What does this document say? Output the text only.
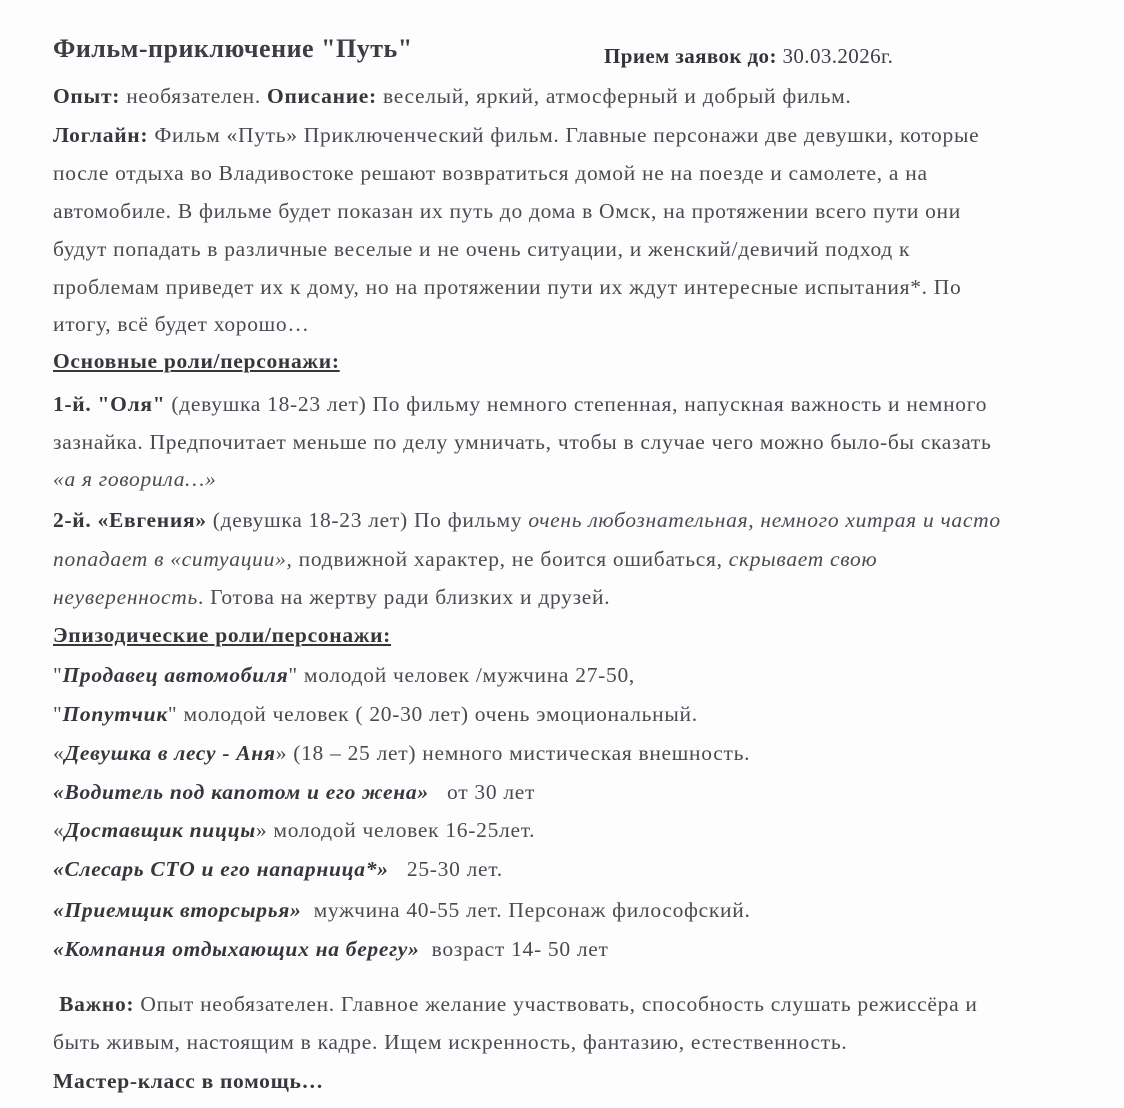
Фильм-приключение "Путь"	Прием заявок до: 30.03.2026г.
Опыт: необязателен. Описание: веселый, яркий, атмосферный и добрый фильм.
Логлайн: Фильм «Путь» Приключенческий фильм. Главные персонажи две девушки, которые
после отдыха во Владивостоке решают возвратиться домой не на поезде и самолете, а на
автомобиле. В фильме будет показан их путь до дома в Омск, на протяжении всего пути они
будут попадать в различные веселые и не очень ситуации, и женский/девичий подход к
проблемам приведет их к дому, но на протяжении пути их ждут интересные испытания*. По
итогу, всё будет хорошо…
Основные роли/персонажи:
1-й. "Оля" (девушка 18-23 лет) По фильму немного степенная, напускная важность и немного
зазнайка. Предпочитает меньше по делу умничать, чтобы в случае чего можно было-бы сказать
«а я говорила…»
2-й. «Евгения» (девушка 18-23 лет) По фильму очень любознательная, немного хитрая и часто
попадает в «ситуации», подвижной характер, не боится ошибаться, скрывает свою
неуверенность. Готова на жертву ради близких и друзей.
Эпизодические роли/персонажи:
"Продавец автомобиля" молодой человек /мужчина 27-50,
"Попутчик" молодой человек ( 20-30 лет) очень эмоциональный.
«Девушка в лесу - Аня» (18 – 25 лет) немного мистическая внешность.
«Водитель под капотом и его жена»   от 30 лет
«Доставщик пиццы» молодой человек 16-25лет.
«Слесарь СТО и его напарница*»   25-30 лет.
«Приемщик вторсырья»  мужчина 40-55 лет. Персонаж философский.
«Компания отдыхающих на берегу»  возраст 14- 50 лет
Важно: Опыт необязателен. Главное желание участвовать, способность слушать режиссёра и
быть живым, настоящим в кадре. Ищем искренность, фантазию, естественность.
Мастер-класс в помощь…
